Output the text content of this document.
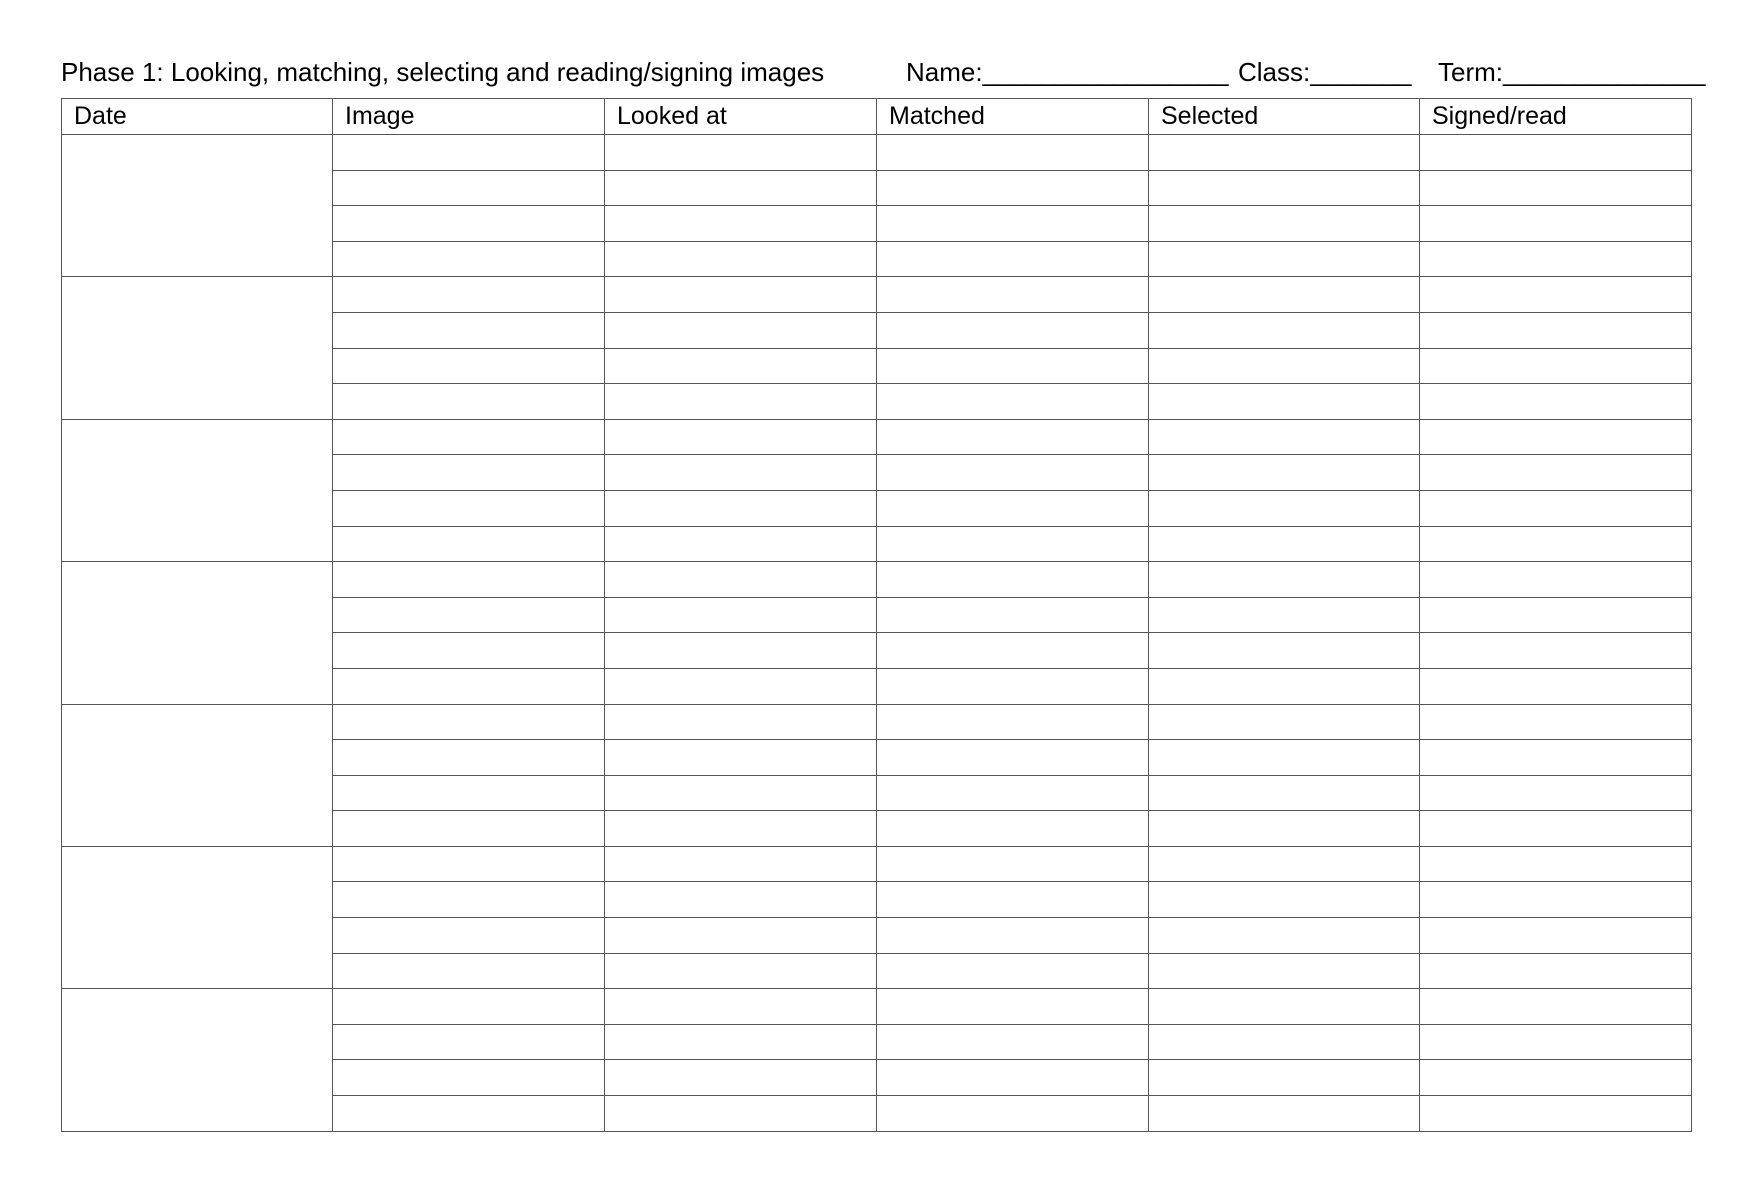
Phase 1: Looking, matching, selecting and reading/signing images	Name:_________________ Class:_______ Term:______________
Date	Image	Looked at	Matched	Selected	Signed/read
